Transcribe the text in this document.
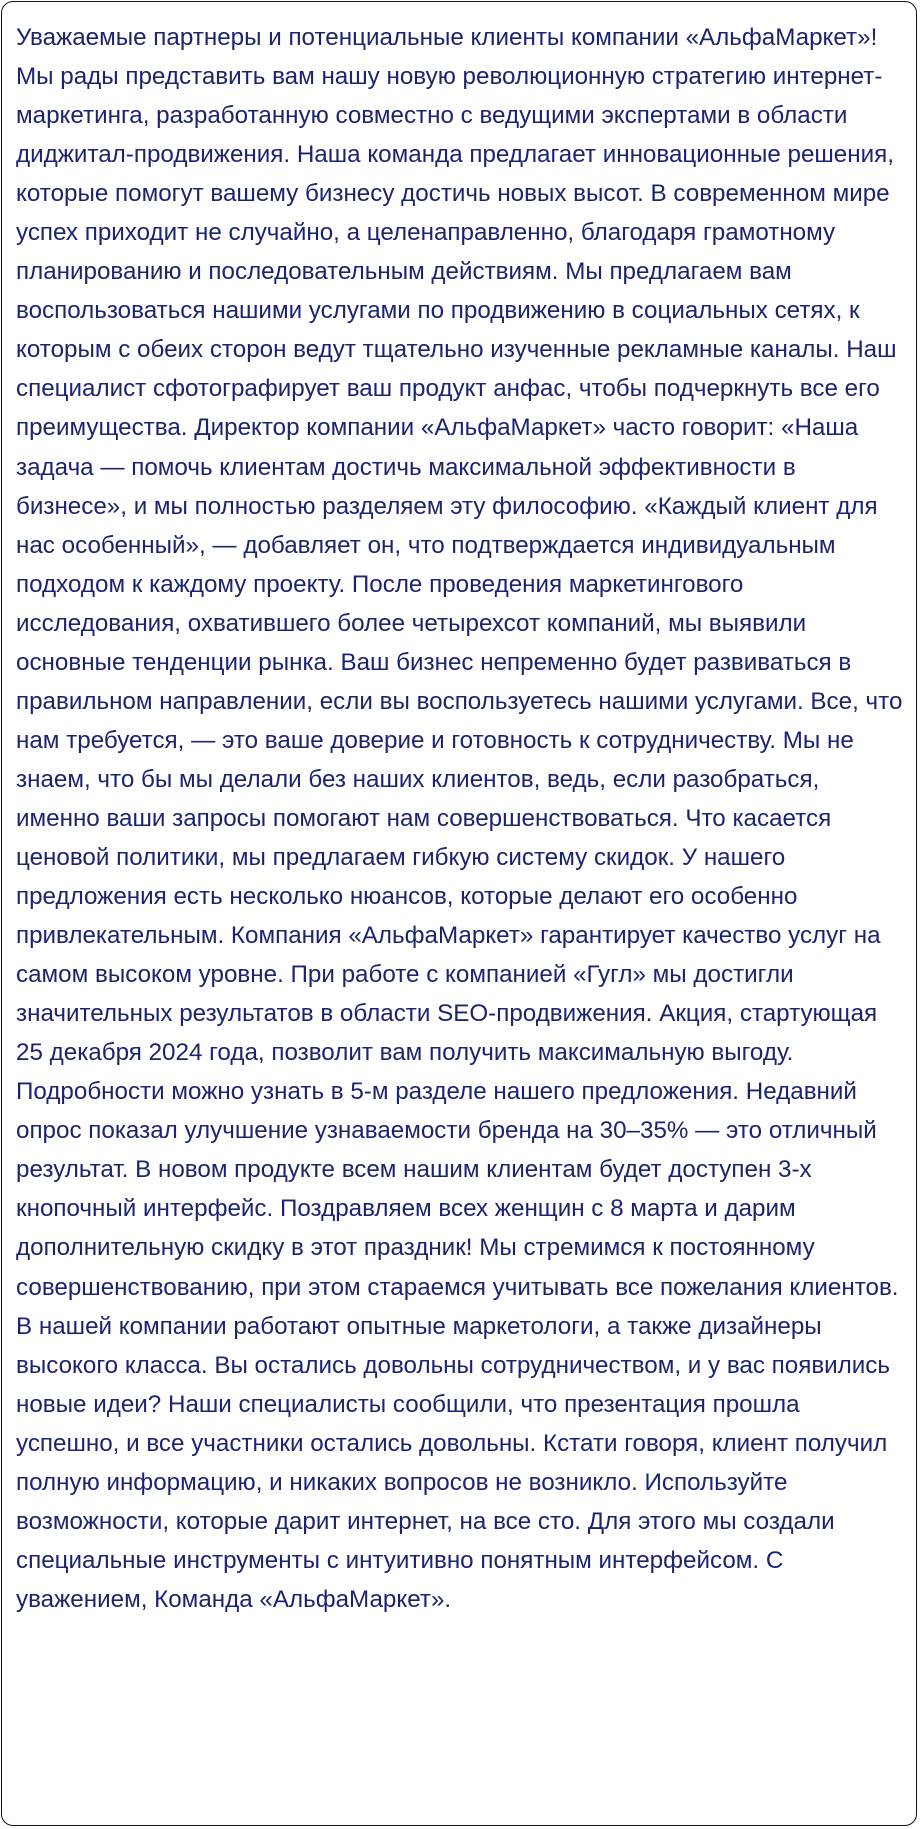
Уважаемые партнеры и потенциальные клиенты компании «АльфаМаркет»! Мы рады представить вам нашу новую революционную стратегию интернет-маркетинга, разработанную совместно с ведущими экспертами в области диджитал-продвижения. Наша команда предлагает инновационные решения, которые помогут вашему бизнесу достичь новых высот. В современном мире успех приходит не случайно, а целенаправленно, благодаря грамотному планированию и последовательным действиям. Мы предлагаем вам воспользоваться нашими услугами по продвижению в социальных сетях, к которым с обеих сторон ведут тщательно изученные рекламные каналы. Наш специалист сфотографирует ваш продукт анфас, чтобы подчеркнуть все его преимущества. Директор компании «АльфаМаркет» часто говорит: «Наша задача — помочь клиентам достичь максимальной эффективности в бизнесе», и мы полностью разделяем эту философию. «Каждый клиент для нас особенный», — добавляет он, что подтверждается индивидуальным подходом к каждому проекту. После проведения маркетингового исследования, охватившего более четырехсот компаний, мы выявили основные тенденции рынка. Ваш бизнес непременно будет развиваться в правильном направлении, если вы воспользуетесь нашими услугами. Все, что нам требуется, — это ваше доверие и готовность к сотрудничеству. Мы не знаем, что бы мы делали без наших клиентов, ведь, если разобраться, именно ваши запросы помогают нам совершенствоваться. Что касается ценовой политики, мы предлагаем гибкую систему скидок. У нашего предложения есть несколько нюансов, которые делают его особенно привлекательным. Компания «АльфаМаркет» гарантирует качество услуг на самом высоком уровне. При работе с компанией «Гугл» мы достигли значительных результатов в области SEO-продвижения. Акция, стартующая 25 декабря 2024 года, позволит вам получить максимальную выгоду. Подробности можно узнать в 5-м разделе нашего предложения. Недавний опрос показал улучшение узнаваемости бренда на 30–35% — это отличный результат. В новом продукте всем нашим клиентам будет доступен 3-х кнопочный интерфейс. Поздравляем всех женщин с 8 марта и дарим дополнительную скидку в этот праздник! Мы стремимся к постоянному совершенствованию, при этом стараемся учитывать все пожелания клиентов. В нашей компании работают опытные маркетологи, а также дизайнеры высокого класса. Вы остались довольны сотрудничеством, и у вас появились новые идеи? Наши специалисты сообщили, что презентация прошла успешно, и все участники остались довольны. Кстати говоря, клиент получил полную информацию, и никаких вопросов не возникло. Используйте возможности, которые дарит интернет, на все сто. Для этого мы создали специальные инструменты с интуитивно понятным интерфейсом. С уважением, Команда «АльфаМаркет».
